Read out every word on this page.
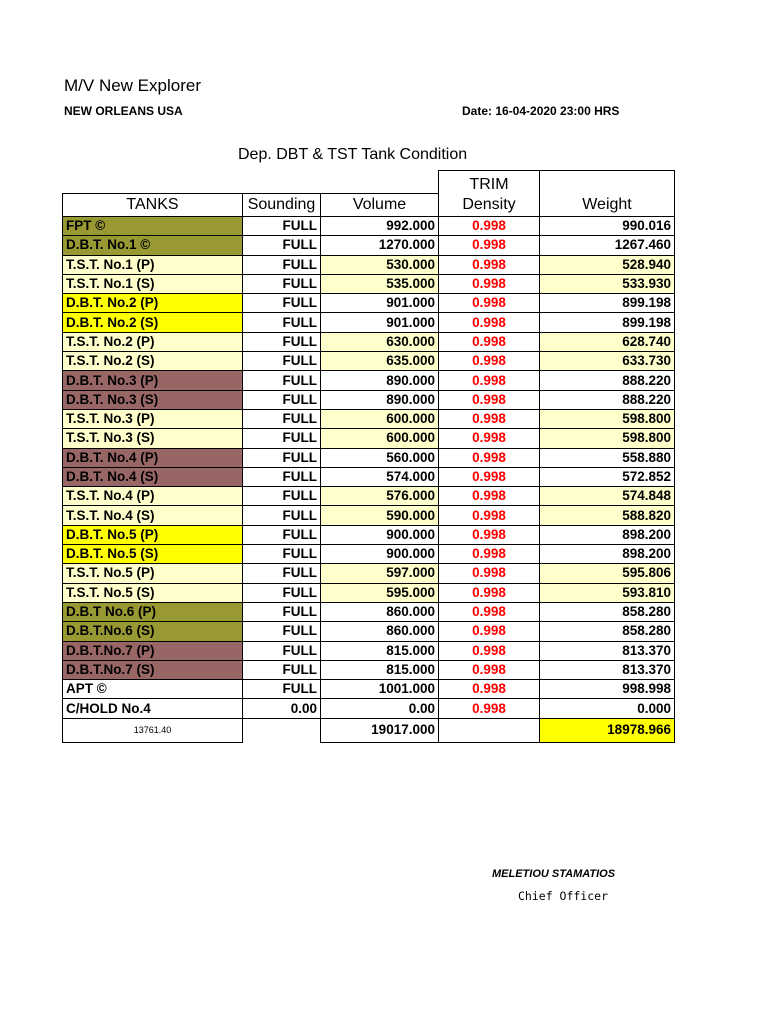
M/V New Explorer
NEW ORLEANS USA	Date: 16-04-2020 23:00 HRS
Dep. DBT & TST Tank Condition
			TRIM	
TANKS	Sounding	Volume	Density	Weight
FPT ©	FULL	992.000	0.998	990.016
D.B.T. No.1 ©	FULL	1270.000	0.998	1267.460
T.S.T. No.1 (P)	FULL	530.000	0.998	528.940
T.S.T. No.1 (S)	FULL	535.000	0.998	533.930
D.B.T. No.2 (P)	FULL	901.000	0.998	899.198
D.B.T. No.2 (S)	FULL	901.000	0.998	899.198
T.S.T. No.2 (P)	FULL	630.000	0.998	628.740
T.S.T. No.2 (S)	FULL	635.000	0.998	633.730
D.B.T. No.3 (P)	FULL	890.000	0.998	888.220
D.B.T. No.3 (S)	FULL	890.000	0.998	888.220
T.S.T. No.3 (P)	FULL	600.000	0.998	598.800
T.S.T. No.3 (S)	FULL	600.000	0.998	598.800
D.B.T. No.4 (P)	FULL	560.000	0.998	558.880
D.B.T. No.4 (S)	FULL	574.000	0.998	572.852
T.S.T. No.4 (P)	FULL	576.000	0.998	574.848
T.S.T. No.4 (S)	FULL	590.000	0.998	588.820
D.B.T. No.5 (P)	FULL	900.000	0.998	898.200
D.B.T. No.5 (S)	FULL	900.000	0.998	898.200
T.S.T. No.5 (P)	FULL	597.000	0.998	595.806
T.S.T. No.5 (S)	FULL	595.000	0.998	593.810
D.B.T No.6 (P)	FULL	860.000	0.998	858.280
D.B.T.No.6 (S)	FULL	860.000	0.998	858.280
D.B.T.No.7 (P)	FULL	815.000	0.998	813.370
D.B.T.No.7 (S)	FULL	815.000	0.998	813.370
APT ©	FULL	1001.000	0.998	998.998
C/HOLD No.4	0.00	0.00	0.998	0.000
13761.40		19017.000		18978.966
MELETIOU STAMATIOS
Chief Officer
